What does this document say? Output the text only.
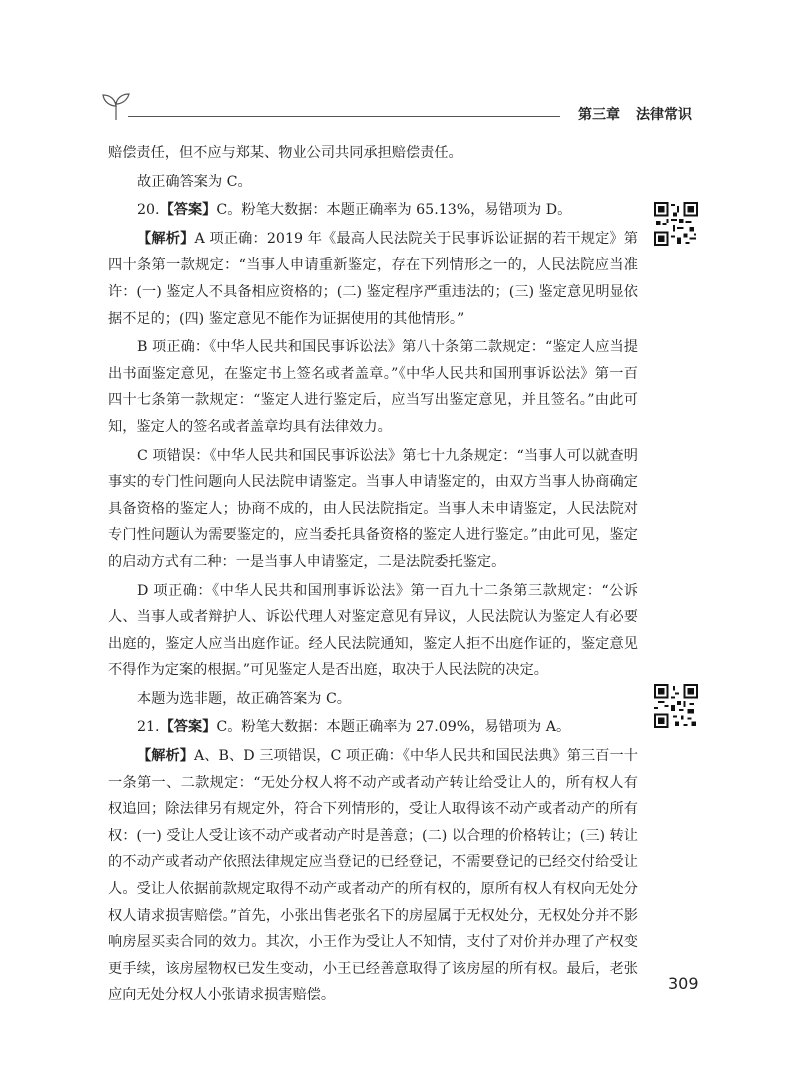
第三章 法律常识

赔偿责任，但不应与郑某、物业公司共同承担赔偿责任。

故正确答案为 C。

20.【答案】C。粉笔大数据：本题正确率为 65.13%，易错项为 D。

【解析】A 项正确：2019 年《最高人民法院关于民事诉讼证据的若干规定》第四十条第一款规定：“当事人申请重新鉴定，存在下列情形之一的，人民法院应当准许：(一) 鉴定人不具备相应资格的；(二) 鉴定程序严重违法的；(三) 鉴定意见明显依据不足的；(四) 鉴定意见不能作为证据使用的其他情形。”

B 项正确：《中华人民共和国民事诉讼法》第八十条第二款规定：“鉴定人应当提出书面鉴定意见，在鉴定书上签名或者盖章。”《中华人民共和国刑事诉讼法》第一百四十七条第一款规定：“鉴定人进行鉴定后，应当写出鉴定意见，并且签名。”由此可知，鉴定人的签名或者盖章均具有法律效力。

C 项错误：《中华人民共和国民事诉讼法》第七十九条规定：“当事人可以就查明事实的专门性问题向人民法院申请鉴定。当事人申请鉴定的，由双方当事人协商确定具备资格的鉴定人；协商不成的，由人民法院指定。当事人未申请鉴定，人民法院对专门性问题认为需要鉴定的，应当委托具备资格的鉴定人进行鉴定。”由此可见，鉴定的启动方式有二种：一是当事人申请鉴定，二是法院委托鉴定。

D 项正确：《中华人民共和国刑事诉讼法》第一百九十二条第三款规定：“公诉人、当事人或者辩护人、诉讼代理人对鉴定意见有异议，人民法院认为鉴定人有必要出庭的，鉴定人应当出庭作证。经人民法院通知，鉴定人拒不出庭作证的，鉴定意见不得作为定案的根据。”可见鉴定人是否出庭，取决于人民法院的决定。

本题为选非题，故正确答案为 C。

21.【答案】C。粉笔大数据：本题正确率为 27.09%，易错项为 A。

【解析】A、B、D 三项错误，C 项正确：《中华人民共和国民法典》第三百一十一条第一、二款规定：“无处分权人将不动产或者动产转让给受让人的，所有权人有权追回；除法律另有规定外，符合下列情形的，受让人取得该不动产或者动产的所有权：(一) 受让人受让该不动产或者动产时是善意；(二) 以合理的价格转让；(三) 转让的不动产或者动产依照法律规定应当登记的已经登记，不需要登记的已经交付给受让人。受让人依据前款规定取得不动产或者动产的所有权的，原所有权人有权向无处分权人请求损害赔偿。”首先，小张出售老张名下的房屋属于无权处分，无权处分并不影响房屋买卖合同的效力。其次，小王作为受让人不知情，支付了对价并办理了产权变更手续，该房屋物权已发生变动，小王已经善意取得了该房屋的所有权。最后，老张应向无处分权人小张请求损害赔偿。

309
